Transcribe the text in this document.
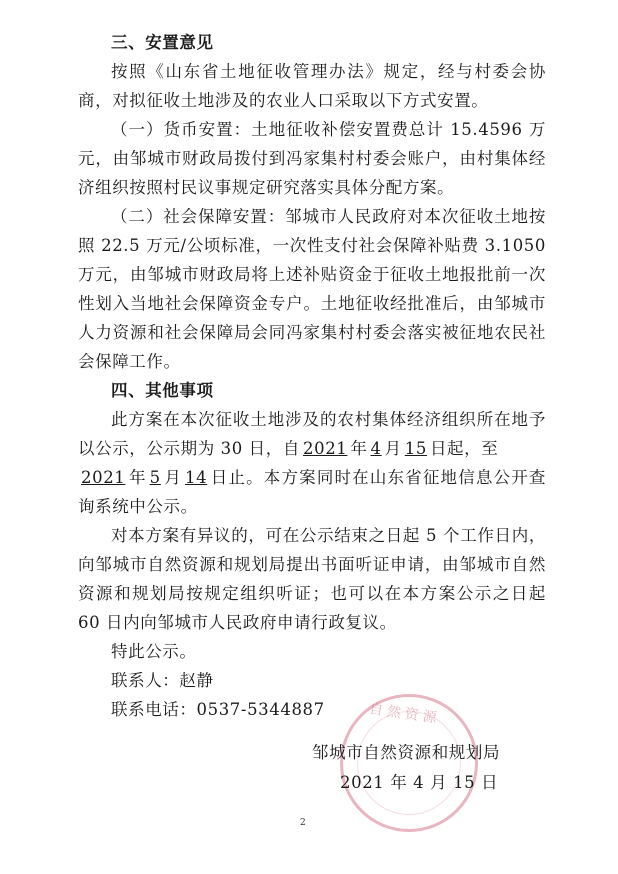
三、安置意见

按照《山东省土地征收管理办法》规定，经与村委会协商，对拟征收土地涉及的农业人口采取以下方式安置。

（一）货币安置：土地征收补偿安置费总计 15.4596 万元，由邹城市财政局拨付到冯家集村村委会账户，由村集体经济组织按照村民议事规定研究落实具体分配方案。

（二）社会保障安置：邹城市人民政府对本次征收土地按照 22.5 万元/公顷标准，一次性支付社会保障补贴费 3.1050 万元，由邹城市财政局将上述补贴资金于征收土地报批前一次性划入当地社会保障资金专户。土地征收经批准后，由邹城市人力资源和社会保障局会同冯家集村村委会落实被征地农民社会保障工作。

四、其他事项

此方案在本次征收土地涉及的农村集体经济组织所在地予以公示，公示期为 30 日，自 2021 年 4 月 15 日起，至
2021 年 5 月 14 日止。本方案同时在山东省征地信息公开查询系统中公示。

对本方案有异议的，可在公示结束之日起 5 个工作日内，向邹城市自然资源和规划局提出书面听证申请，由邹城市自然资源和规划局按规定组织听证；也可以在本方案公示之日起 60 日内向邹城市人民政府申请行政复议。

特此公示。

联系人：赵静

联系电话：0537-5344887	自然资源

邹城市自然资源和规划局

2021 年 4 月 15 日

2
